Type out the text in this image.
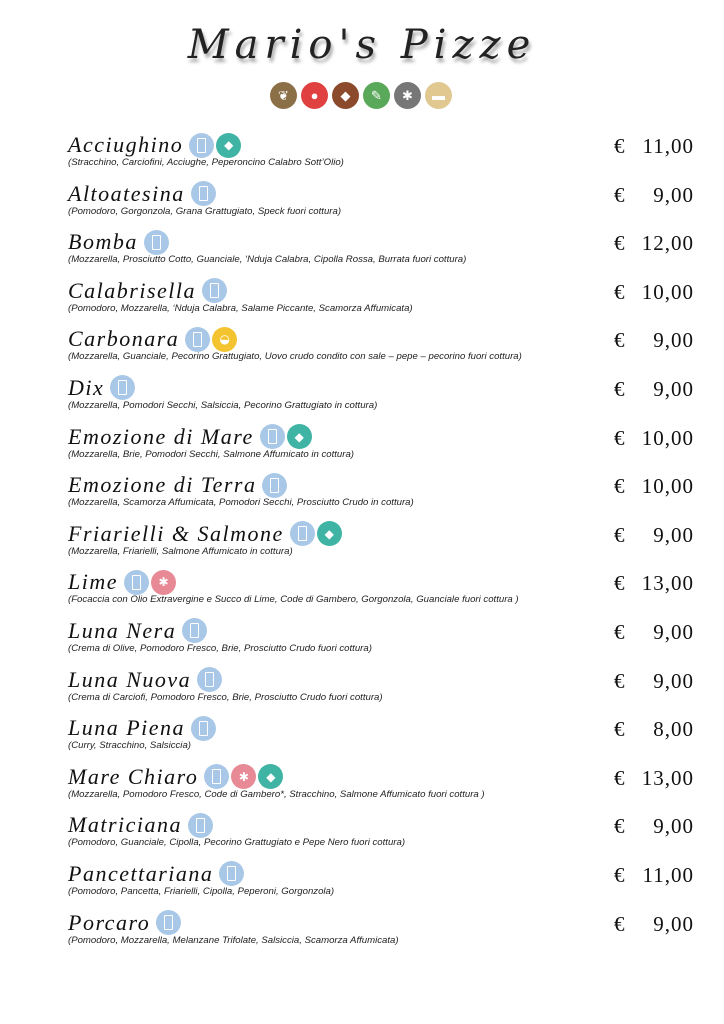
Mario's Pizze
❦	●	◆	✎	✱	▬
Acciughino	◆
(Stracchino, Carciofini, Acciughe, Peperoncino Calabro Sott’Olio)
€ 11,00
Altoatesina
(Pomodoro, Gorgonzola, Grana Grattugiato, Speck fuori cottura)
€ 9,00
Bomba
(Mozzarella, Prosciutto Cotto, Guanciale, ‘Nduja Calabra, Cipolla Rossa, Burrata fuori cottura)
€ 12,00
Calabrisella
(Pomodoro, Mozzarella, ‘Nduja Calabra, Salame Piccante, Scamorza Affumicata)
€ 10,00
Carbonara	◒
(Mozzarella, Guanciale, Pecorino Grattugiato, Uovo crudo condito con sale – pepe – pecorino fuori cottura)
€ 9,00
Dix
(Mozzarella, Pomodori Secchi, Salsiccia, Pecorino Grattugiato in cottura)
€ 9,00
Emozione di Mare	◆
(Mozzarella, Brie, Pomodori Secchi, Salmone Affumicato in cottura)
€ 10,00
Emozione di Terra
(Mozzarella, Scamorza Affumicata, Pomodori Secchi, Prosciutto Crudo in cottura)
€ 10,00
Friarielli & Salmone	◆
(Mozzarella, Friarielli, Salmone Affumicato in cottura)
€ 9,00
Lime	✱
(Focaccia con Olio Extravergine e Succo di Lime, Code di Gambero, Gorgonzola, Guanciale fuori cottura )
€ 13,00
Luna Nera
(Crema di Olive, Pomodoro Fresco, Brie, Prosciutto Crudo fuori cottura)
€ 9,00
Luna Nuova
(Crema di Carciofi, Pomodoro Fresco, Brie, Prosciutto Crudo fuori cottura)
€ 9,00
Luna Piena
(Curry, Stracchino, Salsiccia)
€ 8,00
Mare Chiaro	✱	◆
(Mozzarella, Pomodoro Fresco, Code di Gambero*, Stracchino, Salmone Affumicato fuori cottura )
€ 13,00
Matriciana
(Pomodoro, Guanciale, Cipolla, Pecorino Grattugiato e Pepe Nero fuori cottura)
€ 9,00
Pancettariana
(Pomodoro, Pancetta, Friarielli, Cipolla, Peperoni, Gorgonzola)
€ 11,00
Porcaro
(Pomodoro, Mozzarella, Melanzane Trifolate, Salsiccia, Scamorza Affumicata)
€ 9,00
